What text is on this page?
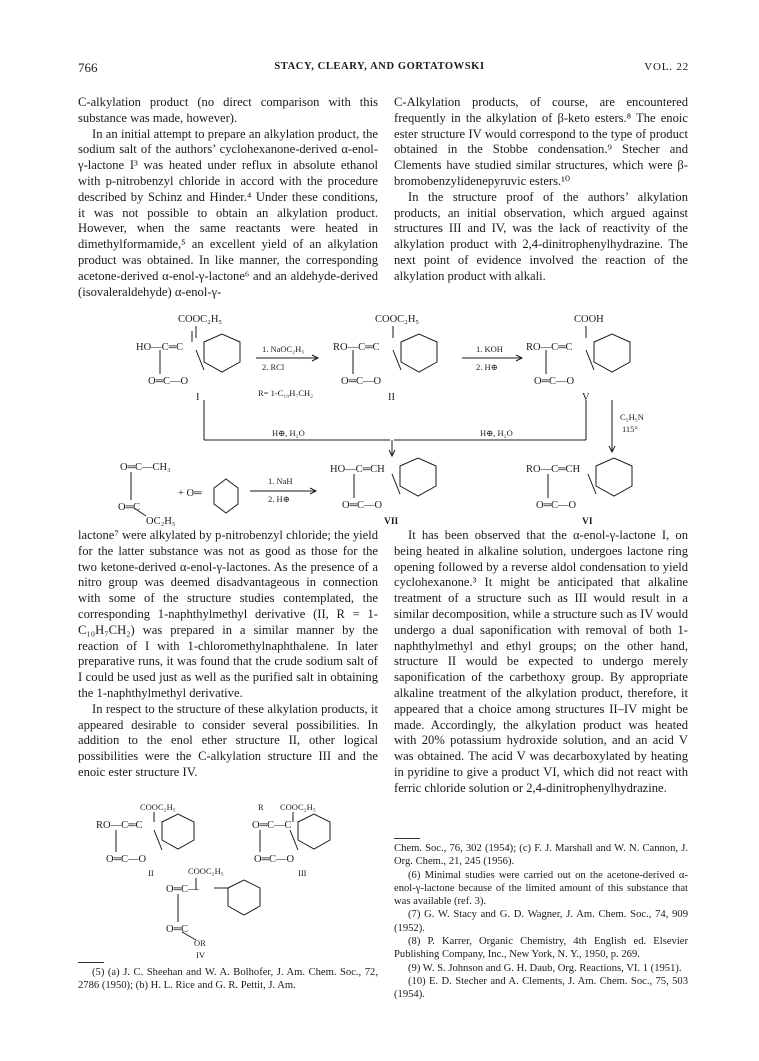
766	STACY, CLEARY, AND GORTATOWSKI	VOL. 22

C-alkylation product (no direct comparison with this substance was made, however).

In an initial attempt to prepare an alkylation product, the sodium salt of the authors’ cyclohexanone-derived α-enol-γ-lactone I³ was heated under reflux in absolute ethanol with p-nitrobenzyl chloride in accord with the procedure described by Schinz and Hinder.⁴ Under these conditions, it was not possible to obtain an alkylation product. However, when the same reactants were heated in dimethylformamide,⁵ an excellent yield of an alkylation product was obtained. In like manner, the corresponding acetone-derived α-enol-γ-lactone⁶ and an aldehyde-derived (isovaleraldehyde) α-enol-γ-

C-Alkylation products, of course, are encountered frequently in the alkylation of β-keto esters.⁸ The enoic ester structure IV would correspond to the type of product obtained in the Stobbe condensation.⁹ Stecher and Clements have studied similar structures, which were β-bromobenzylidenepyruvic esters.¹⁰

In the structure proof of the authors’ alkylation products, an initial observation, which argued against structures III and IV, was the lack of reactivity of the alkylation product with 2,4-dinitrophenylhydrazine. The next point of evidence involved the reaction of the alkylation product with alkali.

COOC₂H₅
HO—C═C
O═C—O
I
1. NaOC₂H₅
2. RCl
R= 1-C₁₀H₇CH₂
COOC₂H₅
RO—C═C
O═C—O
II
1. KOH
2. H⊕
COOH
RO—C═C
O═C—O
V
C₅H₅N
115°
H⊕, H₂O	H⊕, H₂O
HO—C═CH
O═C—O
VII
RO—C═CH
O═C—O
VI
O═C—CH₃
+ O═
O═C
OC₂H₅
1. NaH
2. H⊕

lactone⁷ were alkylated by p-nitrobenzyl chloride; the yield for the latter substance was not as good as those for the two ketone-derived α-enol-γ-lactones. As the presence of a nitro group was deemed disadvantageous in connection with some of the structure studies contemplated, the corresponding 1-naphthylmethyl derivative (II, R = 1-C₁₀H₇CH₂) was prepared in a similar manner by the reaction of I with 1-chloromethylnaphthalene. In later preparative runs, it was found that the crude sodium salt of I could be used just as well as the purified salt in obtaining the 1-naphthylmethyl derivative.

In respect to the structure of these alkylation products, it appeared desirable to consider several possibilities. In addition to the enol ether structure II, other logical possibilities were the C-alkylation structure III and the enoic ester structure IV.

It has been observed that the α-enol-γ-lactone I, on being heated in alkaline solution, undergoes lactone ring opening followed by a reverse aldol condensation to yield cyclohexanone.³ It might be anticipated that alkaline treatment of a structure such as III would result in a similar decomposition, while a structure such as IV would undergo a dual saponification with removal of both 1-naphthylmethyl and ethyl groups; on the other hand, structure II would be expected to undergo merely saponification of the carbethoxy group. By appropriate alkaline treatment of the alkylation product, therefore, it appeared that a choice among structures II–IV might be made. Accordingly, the alkylation product was heated with 20% potassium hydroxide solution, and an acid V was obtained. The acid V was decarboxylated by heating in pyridine to give a product VI, which did not react with ferric chloride solution or 2,4-dinitrophenylhydrazine.

COOC₂H₅
RO—C═C
O═C—O
II
R COOC₂H₅
O═C—C
O═C—O
III
COOC₂H₅
O═C—
O═C
OR
IV

Chem. Soc., 76, 302 (1954); (c) F. J. Marshall and W. N. Cannon, J. Org. Chem., 21, 245 (1956).

(6) Minimal studies were carried out on the acetone-derived α-enol-γ-lactone because of the limited amount of this substance that was available (ref. 3).

(7) G. W. Stacy and G. D. Wagner, J. Am. Chem. Soc., 74, 909 (1952).

(8) P. Karrer, Organic Chemistry, 4th English ed. Elsevier Publishing Company, Inc., New York, N. Y., 1950, p. 269.

(9) W. S. Johnson and G. H. Daub, Org. Reactions, VI. 1 (1951).

(10) E. D. Stecher and A. Clements, J. Am. Chem. Soc., 75, 503 (1954).

(5) (a) J. C. Sheehan and W. A. Bolhofer, J. Am. Chem. Soc., 72, 2786 (1950); (b) H. L. Rice and G. R. Pettit, J. Am.
